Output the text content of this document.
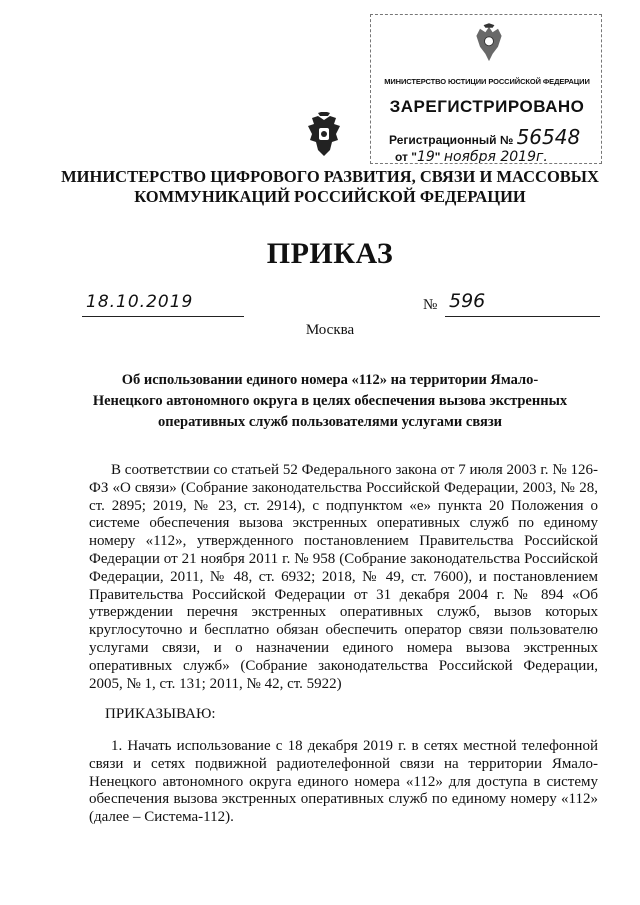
МИНИСТЕРСТВО ЮСТИЦИИ РОССИЙСКОЙ ФЕДЕРАЦИИ
ЗАРЕГИСТРИРОВАНО
Регистрационный № 56548
от "19" ноября 2019г.
МИНИСТЕРСТВО ЦИФРОВОГО РАЗВИТИЯ, СВЯЗИ И МАССОВЫХ КОММУНИКАЦИЙ РОССИЙСКОЙ ФЕДЕРАЦИИ
ПРИКАЗ
18.10.2019	№ 596
Москва
Об использовании единого номера «112» на территории Ямало-Ненецкого автономного округа в целях обеспечения вызова экстренных оперативных служб пользователями услугами связи
В соответствии со статьей 52 Федерального закона от 7 июля 2003 г. № 126-ФЗ «О связи» (Собрание законодательства Российской Федерации, 2003, № 28, ст. 2895; 2019, № 23, ст. 2914), с подпунктом «е» пункта 20 Положения о системе обеспечения вызова экстренных оперативных служб по единому номеру «112», утвержденного постановлением Правительства Российской Федерации от 21 ноября 2011 г. № 958 (Собрание законодательства Российской Федерации, 2011, № 48, ст. 6932; 2018, № 49, ст. 7600), и постановлением Правительства Российской Федерации от 31 декабря 2004 г. № 894 «Об утверждении перечня экстренных оперативных служб, вызов которых круглосуточно и бесплатно обязан обеспечить оператор связи пользователю услугами связи, и о назначении единого номера вызова экстренных оперативных служб» (Собрание законодательства Российской Федерации, 2005, № 1, ст. 131; 2011, № 42, ст. 5922)
ПРИКАЗЫВАЮ:
1. Начать использование с 18 декабря 2019 г. в сетях местной телефонной связи и сетях подвижной радиотелефонной связи на территории Ямало-Ненецкого автономного округа единого номера «112» для доступа в систему обеспечения вызова экстренных оперативных служб по единому номеру «112» (далее – Система-112).
